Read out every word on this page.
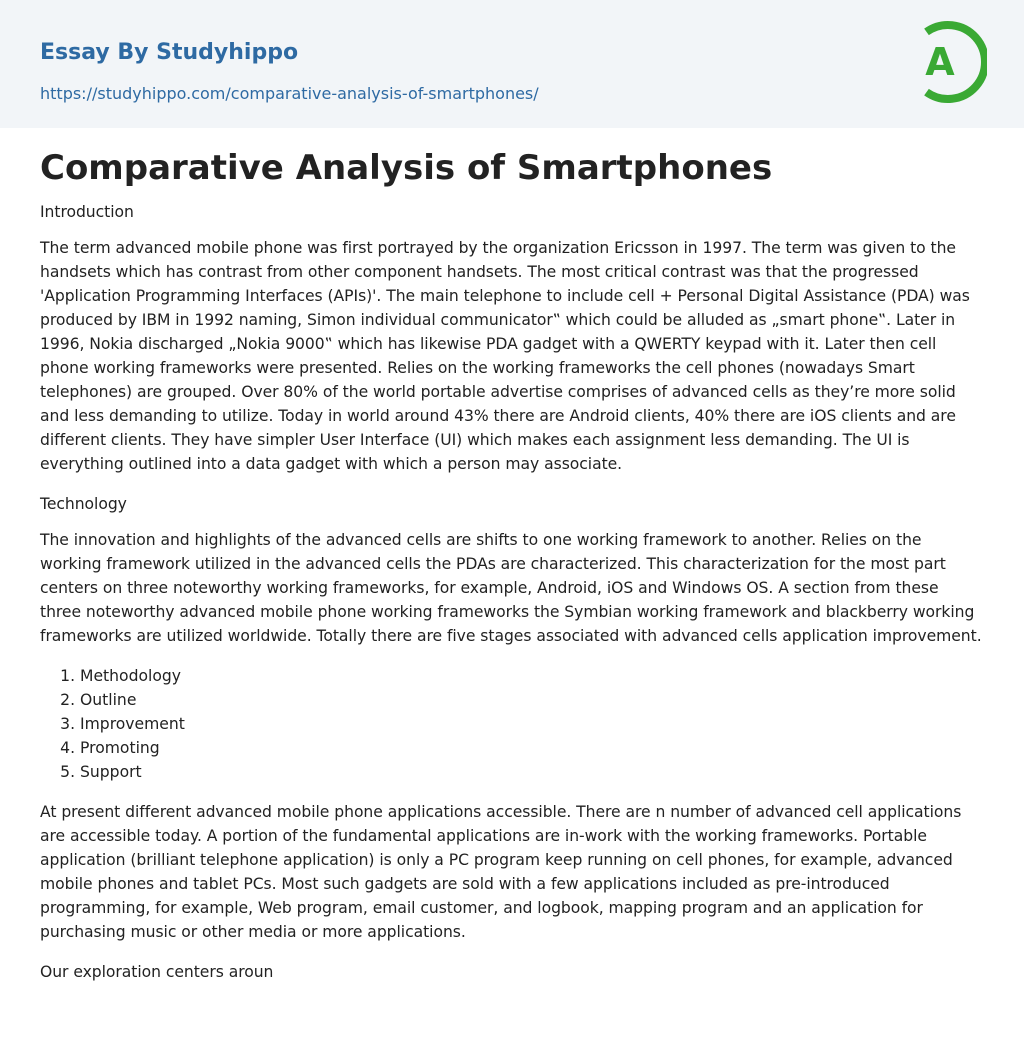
Essay By Studyhippo
https://studyhippo.com/comparative-analysis-of-smartphones/
A
Comparative Analysis of Smartphones

Introduction

The term advanced mobile phone was first portrayed by the organization Ericsson in 1997. The term was given to the handsets which has contrast from other component handsets. The most critical contrast was that the progressed 'Application Programming Interfaces (APIs)'. The main telephone to include cell + Personal Digital Assistance (PDA) was produced by IBM in 1992 naming, Simon individual communicator‟ which could be alluded as „smart phone‟. Later in 1996, Nokia discharged „Nokia 9000‟ which has likewise PDA gadget with a QWERTY keypad with it. Later then cell phone working frameworks were presented. Relies on the working frameworks the cell phones (nowadays Smart telephones) are grouped. Over 80% of the world portable advertise comprises of advanced cells as they’re more solid and less demanding to utilize. Today in world around 43% there are Android clients, 40% there are iOS clients and are different clients. They have simpler User Interface (UI) which makes each assignment less demanding. The UI is everything outlined into a data gadget with which a person may associate.

Technology

The innovation and highlights of the advanced cells are shifts to one working framework to another. Relies on the working framework utilized in the advanced cells the PDAs are characterized. This characterization for the most part centers on three noteworthy working frameworks, for example, Android, iOS and Windows OS. A section from these three noteworthy advanced mobile phone working frameworks the Symbian working framework and blackberry working frameworks are utilized worldwide. Totally there are five stages associated with advanced cells application improvement.

1. Methodology
2. Outline
3. Improvement
4. Promoting
5. Support

At present different advanced mobile phone applications accessible. There are n number of advanced cell applications are accessible today. A portion of the fundamental applications are in-work with the working frameworks. Portable application (brilliant telephone application) is only a PC program keep running on cell phones, for example, advanced mobile phones and tablet PCs. Most such gadgets are sold with a few applications included as pre-introduced programming, for example, Web program, email customer, and logbook, mapping program and an application for purchasing music or other media or more applications.

Our exploration centers aroun
